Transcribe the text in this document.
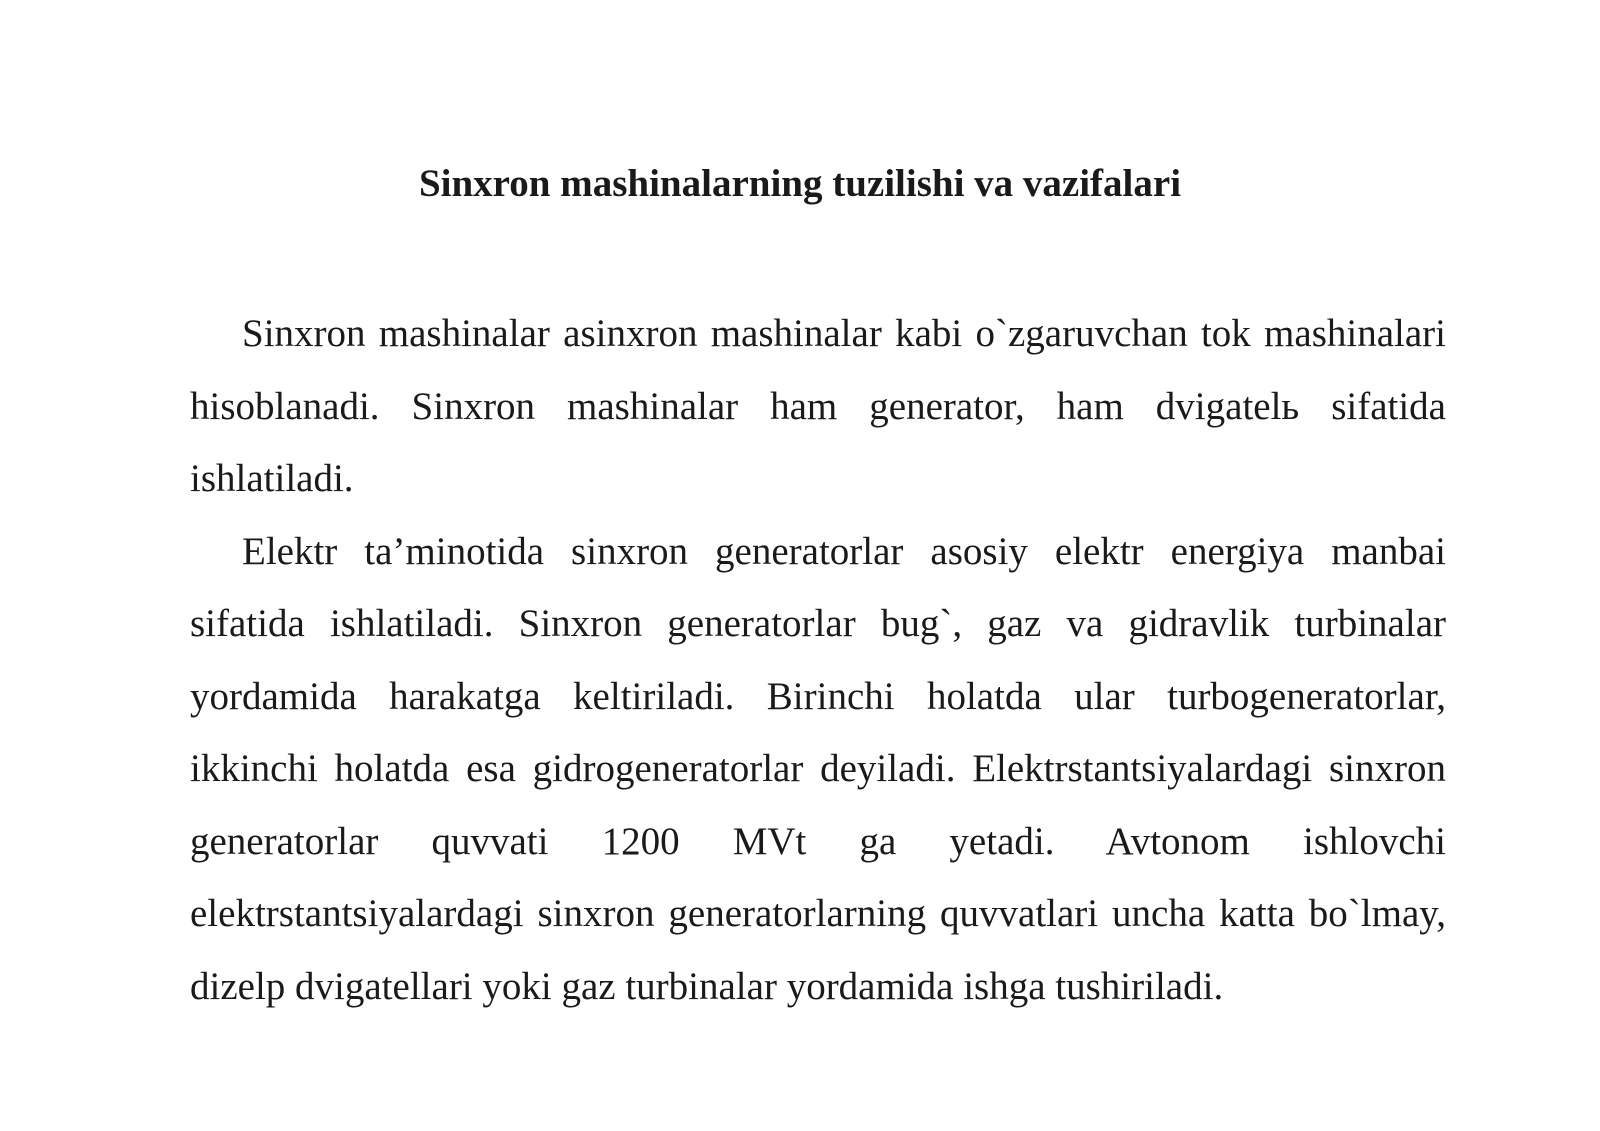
Sinxron mashinalarning tuzilishi va vazifalari

Sinxron mashinalar asinxron mashinalar kabi o`zgaruvchan tok mashinalari hisoblanadi. Sinxron mashinalar ham generator, ham dvigatelь sifatida ishlatiladi.

Elektr ta’minotida sinxron generatorlar asosiy elektr energiya manbai sifatida ishlatiladi. Sinxron generatorlar bug`, gaz va gidravlik turbinalar yordamida harakatga keltiriladi. Birinchi holatda ular turbogeneratorlar, ikkinchi holatda esa gidrogeneratorlar deyiladi. Elektrstantsiyalardagi sinxron generatorlar quvvati 1200 MVt ga yetadi. Avtonom ishlovchi elektrstantsiyalardagi sinxron generatorlarning quvvatlari uncha katta bo`lmay, dizelp dvigatellari yoki gaz turbinalar yordamida ishga tushiriladi.
